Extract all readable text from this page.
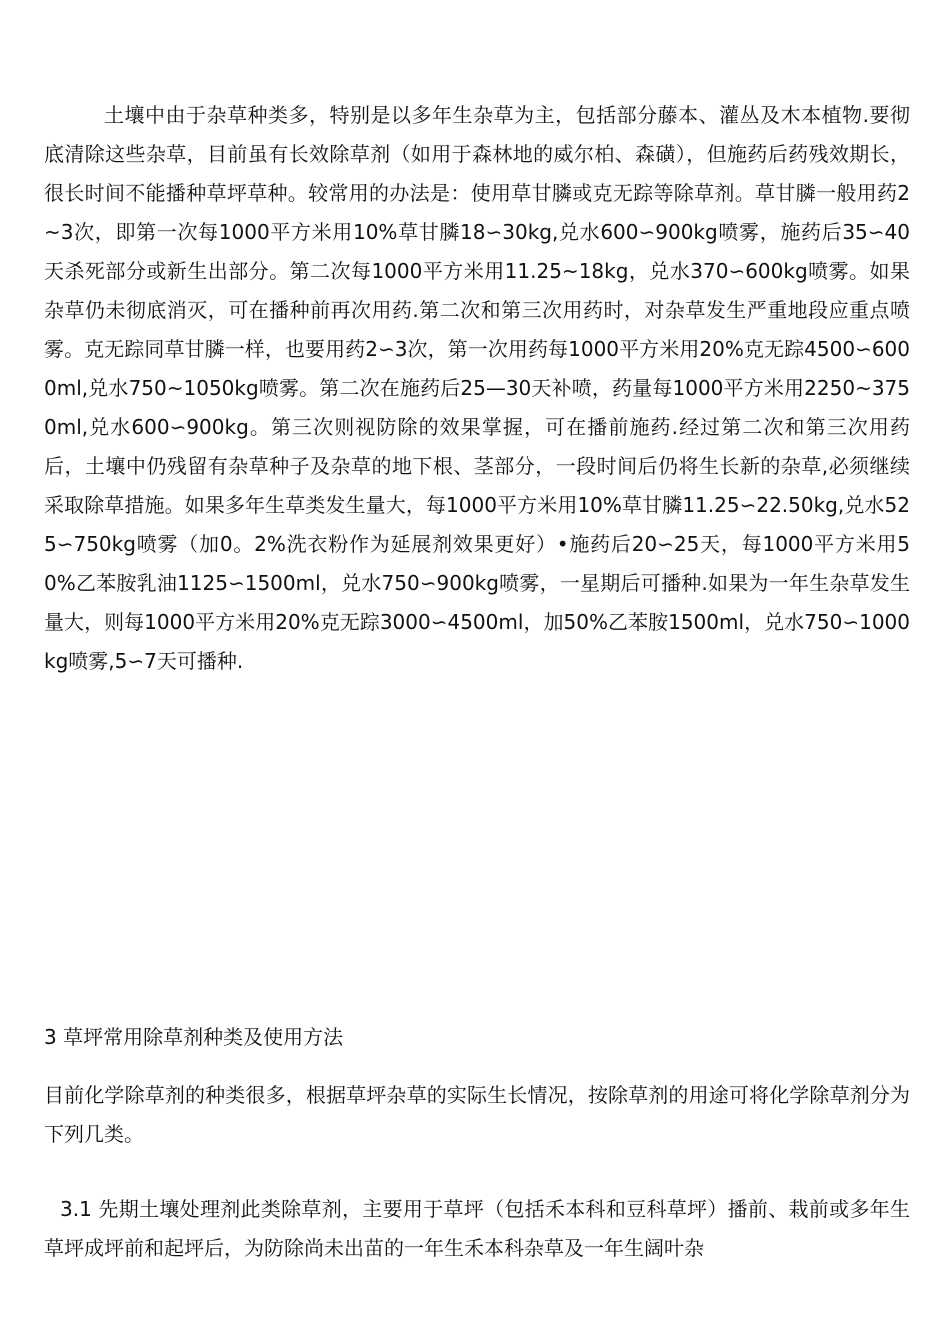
土壤中由于杂草种类多，特别是以多年生杂草为主，包括部分藤本、灌丛及木本植物.要彻底清除这些杂草，目前虽有长效除草剂（如用于森林地的威尔柏、森磺），但施药后药残效期长，很长时间不能播种草坪草种。较常用的办法是：使用草甘膦或克无踪等除草剂。草甘膦一般用药2~3次，即第一次每1000平方米用10%草甘膦18∽30kg,兑水600∽900kg喷雾，施药后35∽40天杀死部分或新生出部分。第二次每1000平方米用11.25~18kg，兑水370∽600kg喷雾。如果杂草仍未彻底消灭，可在播种前再次用药.第二次和第三次用药时，对杂草发生严重地段应重点喷雾。克无踪同草甘膦一样，也要用药2∽3次，第一次用药每1000平方米用20%克无踪4500∽6000ml,兑水750~1050kg喷雾。第二次在施药后25—30天补喷，药量每1000平方米用2250~3750ml,兑水600∽900kg。第三次则视防除的效果掌握，可在播前施药.经过第二次和第三次用药后，土壤中仍残留有杂草种子及杂草的地下根、茎部分，一段时间后仍将生长新的杂草,必须继续采取除草措施。如果多年生草类发生量大，每1000平方米用10%草甘膦11.25∽22.50kg,兑水525∽750kg喷雾（加0。2%洗衣粉作为延展剂效果更好）•施药后20∽25天，每1000平方米用50%乙苯胺乳油1125∽1500ml，兑水750∽900kg喷雾，一星期后可播种.如果为一年生杂草发生量大，则每1000平方米用20%克无踪3000∽4500ml，加50%乙苯胺1500ml，兑水750∽1000kg喷雾,5∽7天可播种.

3 草坪常用除草剂种类及使用方法

目前化学除草剂的种类很多，根据草坪杂草的实际生长情况，按除草剂的用途可将化学除草剂分为下列几类。

3.1 先期土壤处理剂此类除草剂，主要用于草坪（包括禾本科和豆科草坪）播前、栽前或多年生草坪成坪前和起坪后，为防除尚未出苗的一年生禾本科杂草及一年生阔叶杂
